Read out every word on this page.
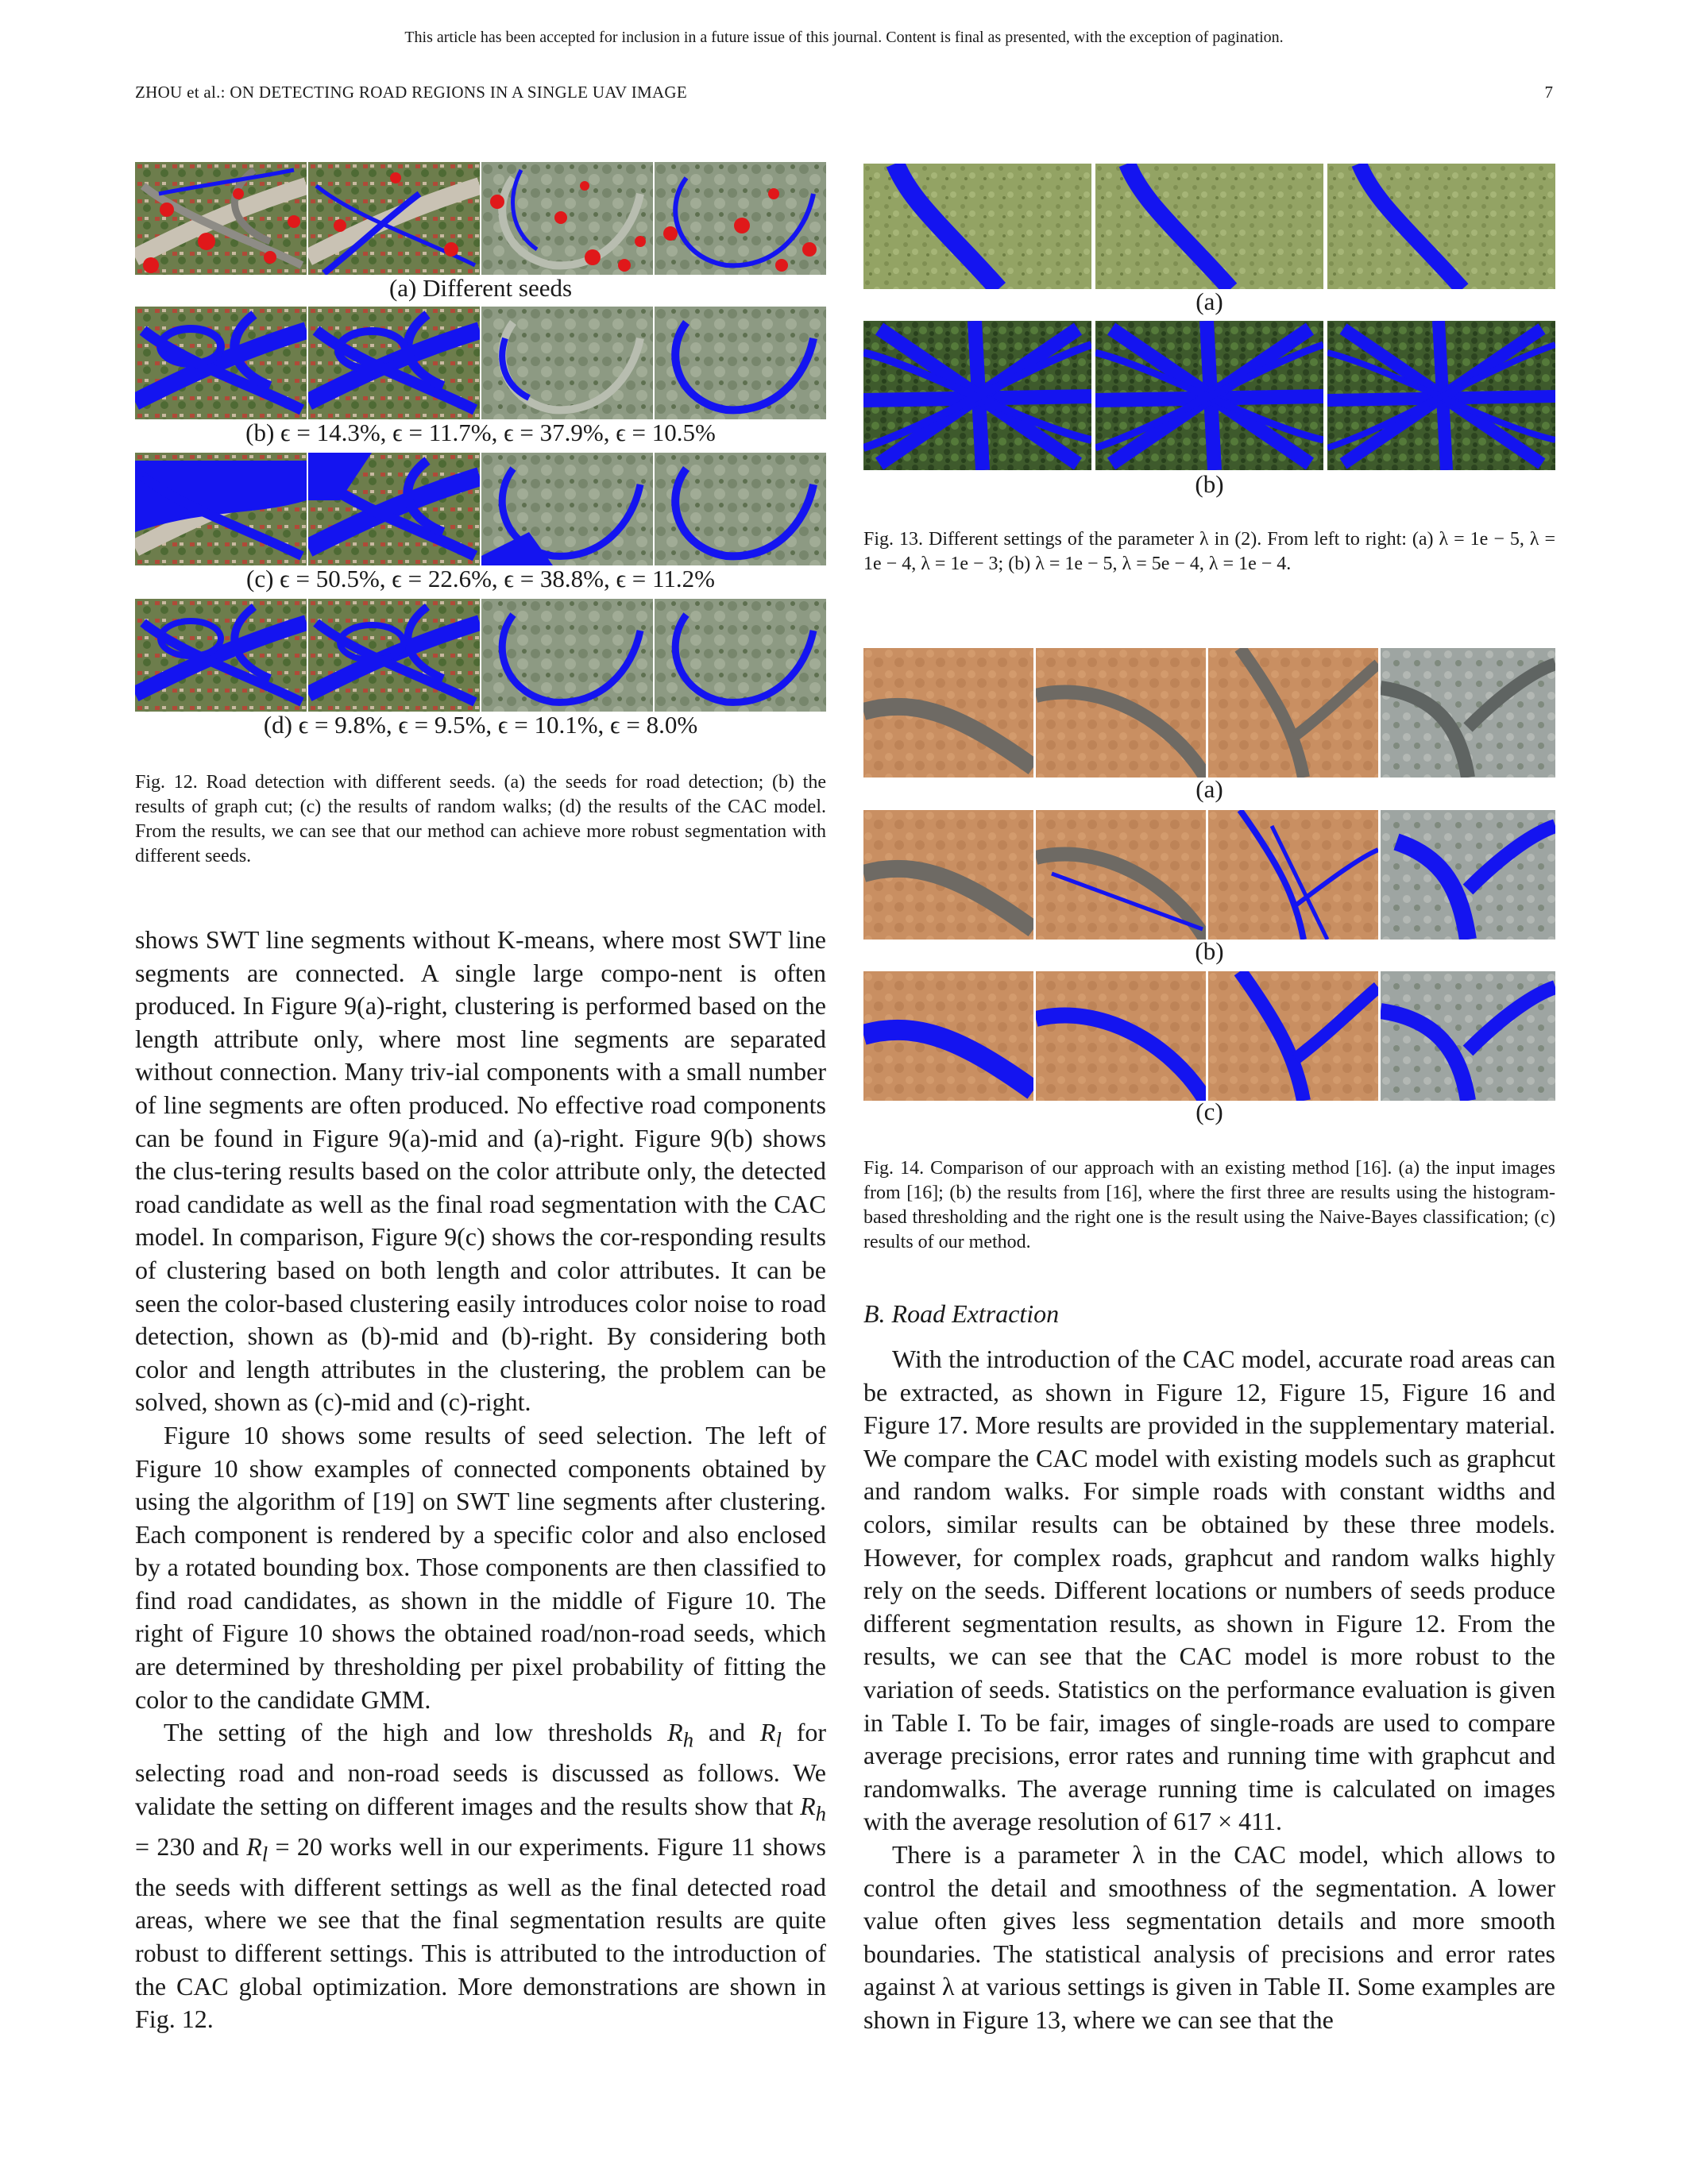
This article has been accepted for inclusion in a future issue of this journal. Content is final as presented, with the exception of pagination.
ZHOU et al.: ON DETECTING ROAD REGIONS IN A SINGLE UAV IMAGE	7
(a) Different seeds
(b) ϵ = 14.3%, ϵ = 11.7%, ϵ = 37.9%, ϵ = 10.5%
(c) ϵ = 50.5%, ϵ = 22.6%, ϵ = 38.8%, ϵ = 11.2%
(d) ϵ = 9.8%, ϵ = 9.5%, ϵ = 10.1%, ϵ = 8.0%
Fig. 12. Road detection with different seeds. (a) the seeds for road detection; (b) the results of graph cut; (c) the results of random walks; (d) the results of the CAC model. From the results, we can see that our method can achieve more robust segmentation with different seeds.
(a)
(b)
Fig. 13. Different settings of the parameter λ in (2). From left to right: (a) λ = 1e − 5, λ = 1e − 4, λ = 1e − 3; (b) λ = 1e − 5, λ = 5e − 4, λ = 1e − 4.
(a)
(b)
(c)
Fig. 14. Comparison of our approach with an existing method [16]. (a) the input images from [16]; (b) the results from [16], where the first three are results using the histogram-based thresholding and the right one is the result using the Naive-Bayes classification; (c) results of our method.

shows SWT line segments without K-means, where most SWT line segments are connected. A single large compo-nent is often produced. In Figure 9(a)-right, clustering is performed based on the length attribute only, where most line segments are separated without connection. Many triv-ial components with a small number of line segments are often produced. No effective road components can be found in Figure 9(a)-mid and (a)-right. Figure 9(b) shows the clus-tering results based on the color attribute only, the detected road candidate as well as the final road segmentation with the CAC model. In comparison, Figure 9(c) shows the cor-responding results of clustering based on both length and color attributes. It can be seen the color-based clustering easily introduces color noise to road detection, shown as (b)-mid and (b)-right. By considering both color and length attributes in the clustering, the problem can be solved, shown as (c)-mid and (c)-right.

Figure 10 shows some results of seed selection. The left of Figure 10 show examples of connected components obtained by using the algorithm of [19] on SWT line segments after clustering. Each component is rendered by a specific color and also enclosed by a rotated bounding box. Those components are then classified to find road candidates, as shown in the middle of Figure 10. The right of Figure 10 shows the obtained road/non-road seeds, which are determined by thresholding per pixel probability of fitting the color to the candidate GMM.

The setting of the high and low thresholds $R_h$ and $R_l$ for selecting road and non-road seeds is discussed as follows. We validate the setting on different images and the results show that $R_h = 230$ and $R_l = 20$ works well in our experiments. Figure 11 shows the seeds with different settings as well as the final detected road areas, where we see that the final segmentation results are quite robust to different settings. This is attributed to the introduction of the CAC global optimization. More demonstrations are shown in Fig. 12.

B. Road Extraction

With the introduction of the CAC model, accurate road areas can be extracted, as shown in Figure 12, Figure 15, Figure 16 and Figure 17. More results are provided in the supplementary material. We compare the CAC model with existing models such as graphcut and random walks. For simple roads with constant widths and colors, similar results can be obtained by these three models. However, for complex roads, graphcut and random walks highly rely on the seeds. Different locations or numbers of seeds produce different segmentation results, as shown in Figure 12. From the results, we can see that the CAC model is more robust to the variation of seeds. Statistics on the performance evaluation is given in Table I. To be fair, images of single-roads are used to compare average precisions, error rates and running time with graphcut and randomwalks. The average running time is calculated on images with the average resolution of 617 × 411.

There is a parameter λ in the CAC model, which allows to control the detail and smoothness of the segmentation. A lower value often gives less segmentation details and more smooth boundaries. The statistical analysis of precisions and error rates against λ at various settings is given in Table II. Some examples are shown in Figure 13, where we can see that the
